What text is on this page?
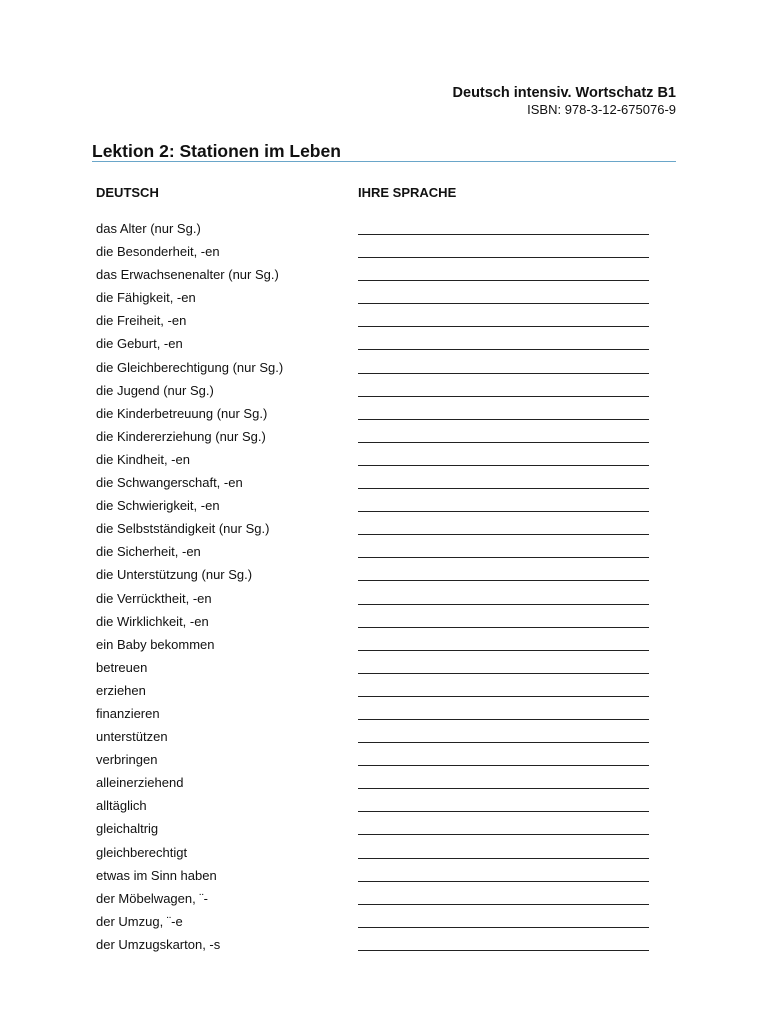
Deutsch intensiv. Wortschatz B1
ISBN: 978-3-12-675076-9
Lektion 2: Stationen im Leben
DEUTSCH	IHRE SPRACHE
das Alter (nur Sg.)
die Besonderheit, -en
das Erwachsenenalter (nur Sg.)
die Fähigkeit, -en
die Freiheit, -en
die Geburt, -en
die Gleichberechtigung (nur Sg.)
die Jugend (nur Sg.)
die Kinderbetreuung (nur Sg.)
die Kindererziehung (nur Sg.)
die Kindheit, -en
die Schwangerschaft, -en
die Schwierigkeit, -en
die Selbstständigkeit (nur Sg.)
die Sicherheit, -en
die Unterstützung (nur Sg.)
die Verrücktheit, -en
die Wirklichkeit, -en
ein Baby bekommen
betreuen
erziehen
finanzieren
unterstützen
verbringen
alleinerziehend
alltäglich
gleichaltrig
gleichberechtigt
etwas im Sinn haben
der Möbelwagen, ¨-
der Umzug, ¨-e
der Umzugskarton, -s
